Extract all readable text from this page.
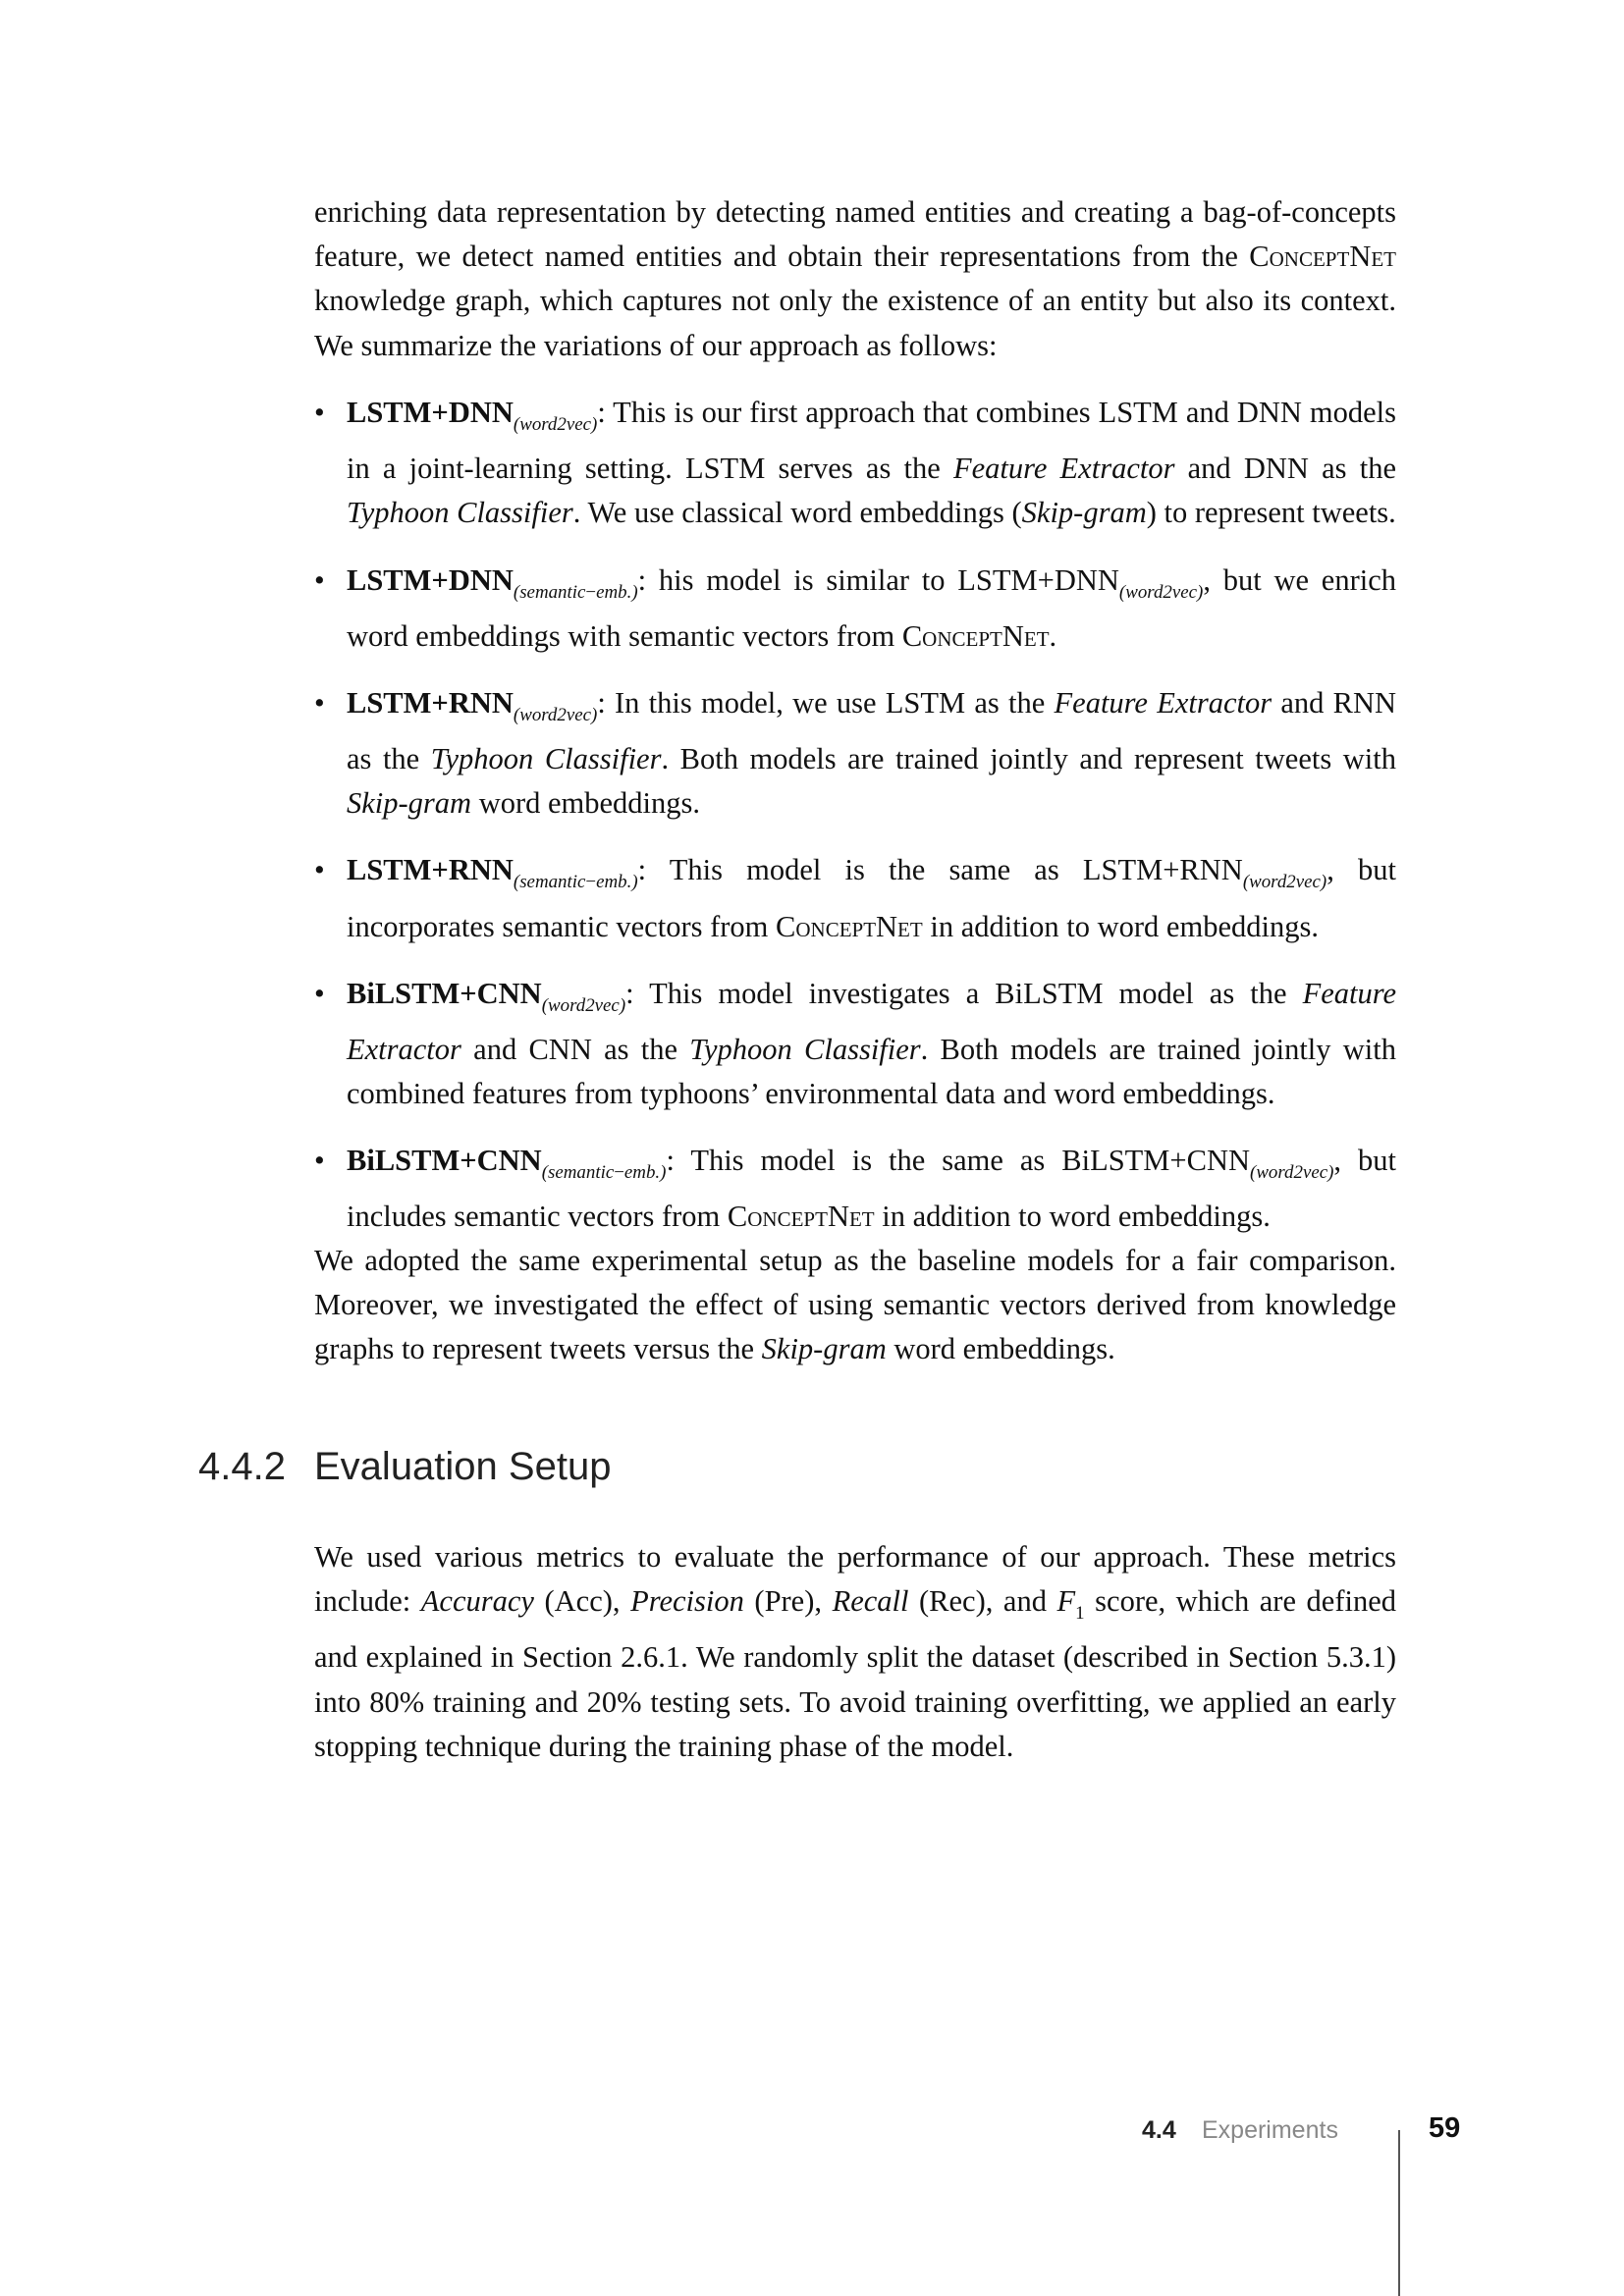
enriching data representation by detecting named entities and creating a bag-of-concepts feature, we detect named entities and obtain their representations from the ConceptNet knowledge graph, which captures not only the existence of an entity but also its context. We summarize the variations of our approach as follows:

• $LSTM+DNN_{(word2vec)}$: This is our first approach that combines LSTM and DNN models in a joint-learning setting. LSTM serves as the Feature Extractor and DNN as the Typhoon Classifier. We use classical word embeddings (Skip-gram) to represent tweets.
• $LSTM+DNN_{(semantic-emb.)}$: his model is similar to $LSTM+DNN_{(word2vec)}$, but we enrich word embeddings with semantic vectors from ConceptNet.
• $LSTM+RNN_{(word2vec)}$: In this model, we use LSTM as the Feature Extractor and RNN as the Typhoon Classifier. Both models are trained jointly and represent tweets with Skip-gram word embeddings.
• $LSTM+RNN_{(semantic-emb.)}$: This model is the same as $LSTM+RNN_{(word2vec)}$, but incorporates semantic vectors from ConceptNet in addition to word embeddings.
• $BiLSTM+CNN_{(word2vec)}$: This model investigates a BiLSTM model as the Feature Extractor and CNN as the Typhoon Classifier. Both models are trained jointly with combined features from typhoons’ environmental data and word embeddings.
• $BiLSTM+CNN_{(semantic-emb.)}$: This model is the same as $BiLSTM+CNN_{(word2vec)}$, but includes semantic vectors from ConceptNet in addition to word embeddings.

We adopted the same experimental setup as the baseline models for a fair comparison. Moreover, we investigated the effect of using semantic vectors derived from knowledge graphs to represent tweets versus the Skip-gram word embeddings.

4.4.2 Evaluation Setup

We used various metrics to evaluate the performance of our approach. These metrics include: Accuracy (Acc), Precision (Pre), Recall (Rec), and $F_1$ score, which are defined and explained in Section 2.6.1. We randomly split the dataset (described in Section 5.3.1) into 80% training and 20% testing sets. To avoid training overfitting, we applied an early stopping technique during the training phase of the model.

4.4 Experiments	59
